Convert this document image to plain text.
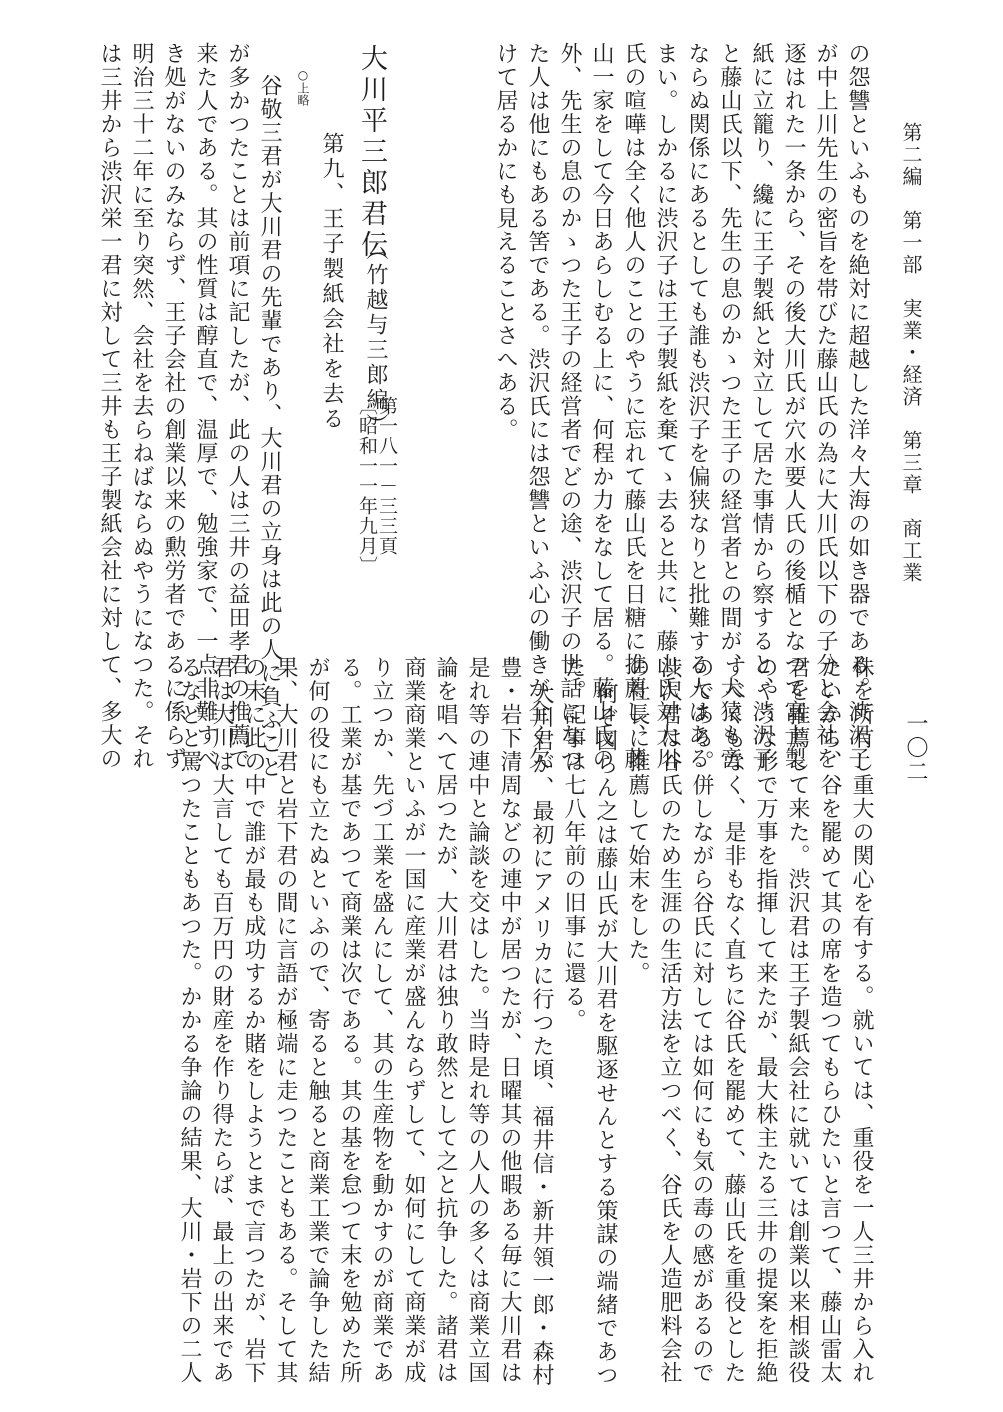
第二編　第一部　実業・経済　第三章　商工業
一〇二
の怨讐といふものを絶対に超越した洋々大海の如き器である。渋沢子
が中上川先生の密旨を帯びた藤山氏の為に大川氏以下の子分と会社を
逐はれた一条から、その後大川氏が穴水要人氏の後楯となつて富士製
紙に立籠り、纔に王子製紙と対立して居た事情から察すると、渋沢子
と藤山氏以下、先生の息のかゝつた王子の経営者との間が、犬猿も啻
ならぬ関係にあるとしても誰も渋沢子を偏狭なりと批難する人はある
まい。しかるに渋沢子は王子製紙を棄てゝ去ると共に、藤山氏対大川
氏の喧嘩は全く他人のことのやうに忘れて藤山氏を日糖に推薦し、藤
山一家をして今日あらしむる上に、何程か力をなして居る。藤山氏の
外、先生の息のかゝつた王子の経営者でどの途、渋沢子の世話になつ
た人は他にもある筈である。渋沢氏には怨讐といふ心の働きが全く欠
けて居るかにも見えることさへある。
大川平三郎君伝
（竹越与三郎編）
第一八一－三三頁
〔昭和一一年九月〕
第九、王子製紙会社を去る
○上略
谷敬三君が大川君の先輩であり、大川君の立身は此の人に負ふこと
が多かつたことは前項に記したが、此の人は三井の益田孝君の推薦で
来た人である。其の性質は醇直で、温厚で、勉強家で、一点非難すべ
き処がないのみならず、王子会社の創業以来の勲労者であるに係らず
明治三十二年に至り突然、会社を去らねばならぬやうになつた。それ
は三井から渋沢栄一君に対して三井も王子製紙会社に対して、多大の
株を所有し重大の関心を有する。就いては、重役を一人三井から入れ
たいから、谷を罷めて其の席を造つてもらひたいと言つて、藤山雷太
君を推薦して来た。渋沢君は王子製紙会社に就いては創業以来相談役
のやうな形で万事を指揮して来たが、最大株主たる三井の提案を拒絶
すべくもなく、是非もなく直ちに谷氏を罷めて、藤山氏を重役とした
のである。併しながら谷氏に対しては如何にも気の毒の感があるので
渋沢君は谷氏のため生涯の生活方法を立つべく、谷氏を人造肥料会社
の社長に推薦して始末をした。
何ぞ図らん之は藤山氏が大川君を駆逐せんとする策謀の端緒であつ
た。記事は七八年前の旧事に還る。
大川君が、最初にアメリカに行つた頃、福井信・新井領一郎・森村
豊・岩下清周などの連中が居つたが、日曜其の他暇ある毎に大川君は
是れ等の連中と論談を交はした。当時是れ等の人人の多くは商業立国
論を唱へて居つたが、大川君は独り敢然として之と抗争した。諸君は
商業商業といふが一国に産業が盛んならずして、如何にして商業が成
り立つか、先づ工業を盛んにして、其の生産物を動かすのが商業であ
る。工業が基であつて商業は次である。其の基を怠つて末を勉めた所
が何の役にも立たぬといふので、寄ると触ると商業工業で論争した結
果、大川君と岩下君の間に言語が極端に走つたこともある。そして其
の末に此の中で誰が最も成功するか賭をしようとまで言つたが、岩下
君は大川は大言しても百万円の財産を作り得たらば、最上の出来であ
るなどと罵つたこともあつた。かかる争論の結果、大川・岩下の二人
